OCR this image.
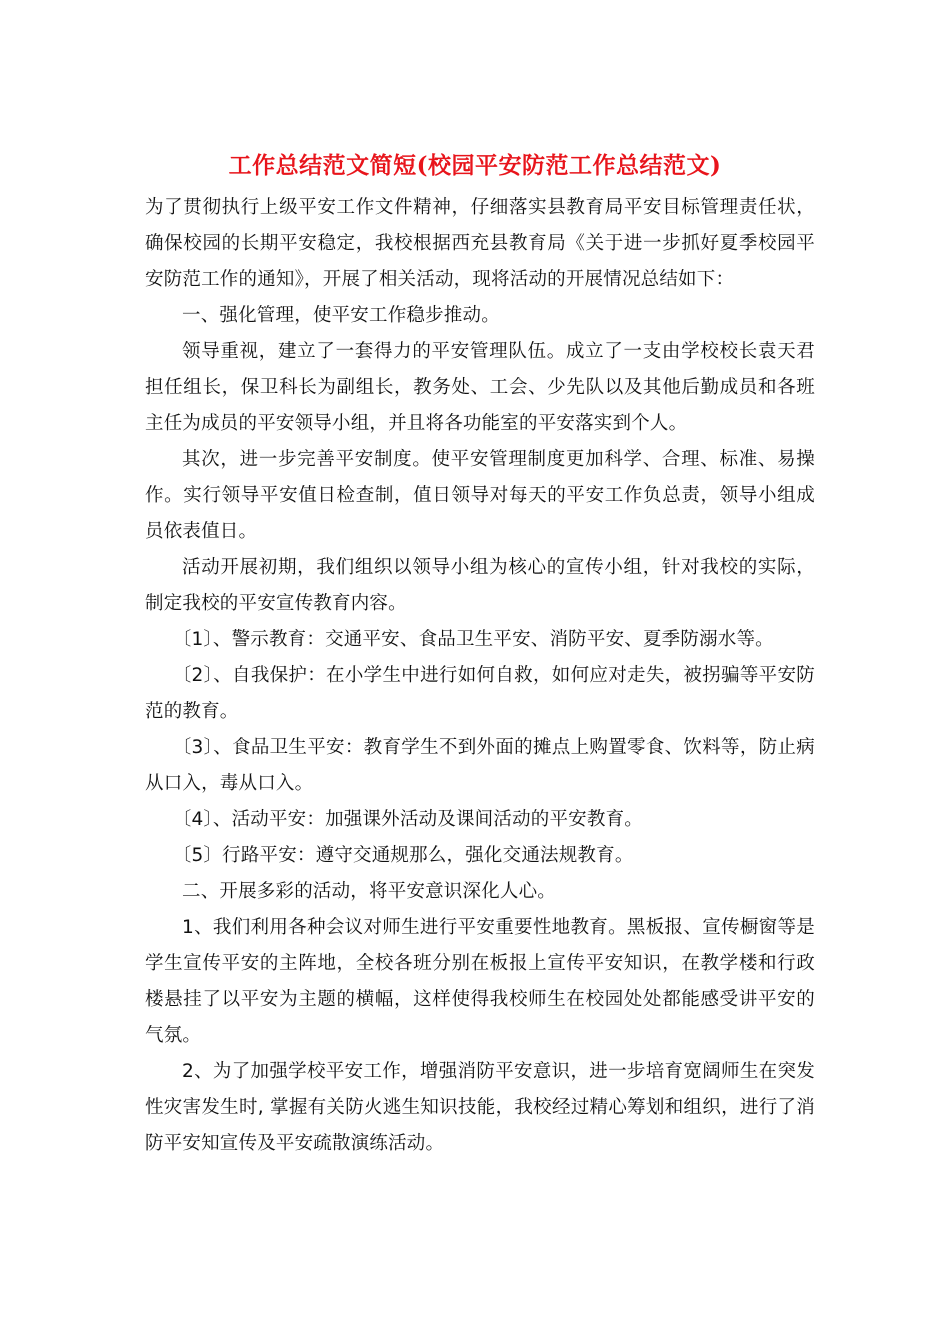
工作总结范文简短(校园平安防范工作总结范文)

为了贯彻执行上级平安工作文件精神，仔细落实县教育局平安目标管理责任状，确保校园的长期平安稳定，我校根据西充县教育局《关于进一步抓好夏季校园平安防范工作的通知》，开展了相关活动，现将活动的开展情况总结如下：

一、强化管理，使平安工作稳步推动。

领导重视，建立了一套得力的平安管理队伍。成立了一支由学校校长袁天君担任组长，保卫科长为副组长，教务处、工会、少先队以及其他后勤成员和各班主任为成员的平安领导小组，并且将各功能室的平安落实到个人。

其次，进一步完善平安制度。使平安管理制度更加科学、合理、标准、易操作。实行领导平安值日检查制，值日领导对每天的平安工作负总责，领导小组成员依表值日。

活动开展初期，我们组织以领导小组为核心的宣传小组，针对我校的实际，制定我校的平安宣传教育内容。

〔1〕、警示教育：交通平安、食品卫生平安、消防平安、夏季防溺水等。

〔2〕、自我保护：在小学生中进行如何自救，如何应对走失，被拐骗等平安防范的教育。

〔3〕、食品卫生平安：教育学生不到外面的摊点上购置零食、饮料等，防止病从口入，毒从口入。

〔4〕、活动平安：加强课外活动及课间活动的平安教育。

〔5〕行路平安：遵守交通规那么，强化交通法规教育。

二、开展多彩的活动，将平安意识深化人心。

1、我们利用各种会议对师生进行平安重要性地教育。黑板报、宣传橱窗等是学生宣传平安的主阵地，全校各班分别在板报上宣传平安知识，在教学楼和行政楼悬挂了以平安为主题的横幅，这样使得我校师生在校园处处都能感受讲平安的气氛。

2、为了加强学校平安工作，增强消防平安意识，进一步培育宽阔师生在突发性灾害发生时, 掌握有关防火逃生知识技能，我校经过精心筹划和组织，进行了消防平安知宣传及平安疏散演练活动。
